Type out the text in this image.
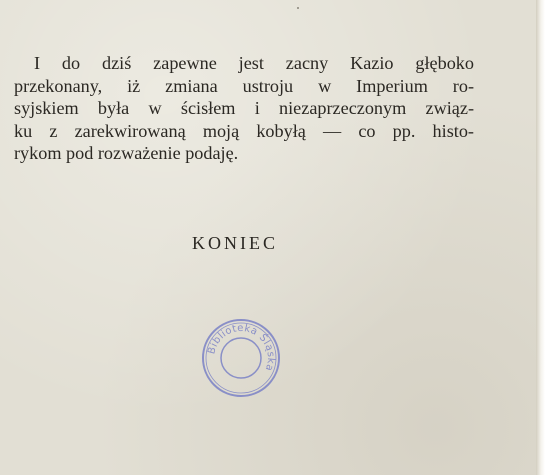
I do dziś zapewne jest zacny Kazio głęboko
przekonany, iż zmiana ustroju w Imperium ro-
syjskiem była w ścisłem i niezaprzeczonym związ-
ku z zarekwirowaną moją kobyłą — co pp. histo-
rykom pod rozważenie podaję.

KONIEC
Biblioteka Śląska
